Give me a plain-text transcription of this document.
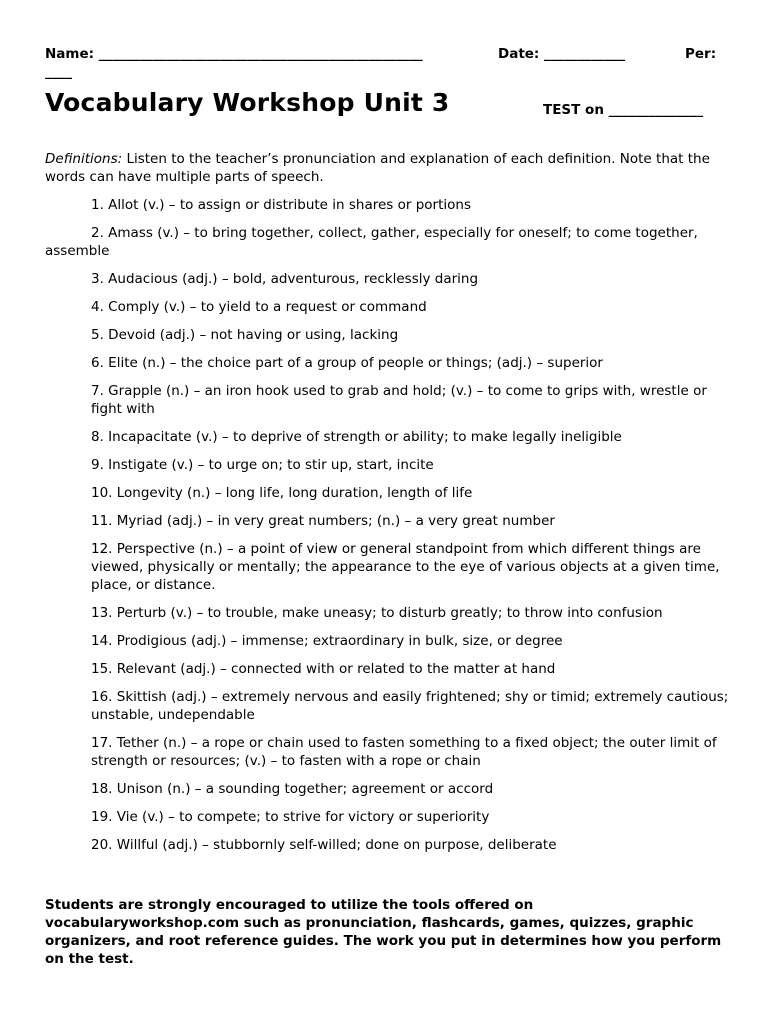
Name: ________________________________________________	Date: ____________	Per:
____
Vocabulary Workshop Unit 3	TEST on ______________
Definitions: Listen to the teacher’s pronunciation and explanation of each definition. Note that the words can have multiple parts of speech.
1. Allot (v.) – to assign or distribute in shares or portions
2. Amass (v.) – to bring together, collect, gather, especially for oneself; to come together, assemble
3. Audacious (adj.) – bold, adventurous, recklessly daring
4. Comply (v.) – to yield to a request or command
5. Devoid (adj.) – not having or using, lacking
6. Elite (n.) – the choice part of a group of people or things; (adj.) – superior
7. Grapple (n.) – an iron hook used to grab and hold; (v.) – to come to grips with, wrestle or fight with
8. Incapacitate (v.) – to deprive of strength or ability; to make legally ineligible
9. Instigate (v.) – to urge on; to stir up, start, incite
10. Longevity (n.) – long life, long duration, length of life
11. Myriad (adj.) – in very great numbers; (n.) – a very great number
12. Perspective (n.) – a point of view or general standpoint from which different things are viewed, physically or mentally; the appearance to the eye of various objects at a given time, place, or distance.
13. Perturb (v.) – to trouble, make uneasy; to disturb greatly; to throw into confusion
14. Prodigious (adj.) – immense; extraordinary in bulk, size, or degree
15. Relevant (adj.) – connected with or related to the matter at hand
16. Skittish (adj.) – extremely nervous and easily frightened; shy or timid; extremely cautious; unstable, undependable
17. Tether (n.) – a rope or chain used to fasten something to a fixed object; the outer limit of strength or resources; (v.) – to fasten with a rope or chain
18. Unison (n.) – a sounding together; agreement or accord
19. Vie (v.) – to compete; to strive for victory or superiority
20. Willful (adj.) – stubbornly self-willed; done on purpose, deliberate
Students are strongly encouraged to utilize the tools offered on vocabularyworkshop.com such as pronunciation, flashcards, games, quizzes, graphic organizers, and root reference guides. The work you put in determines how you perform on the test.
